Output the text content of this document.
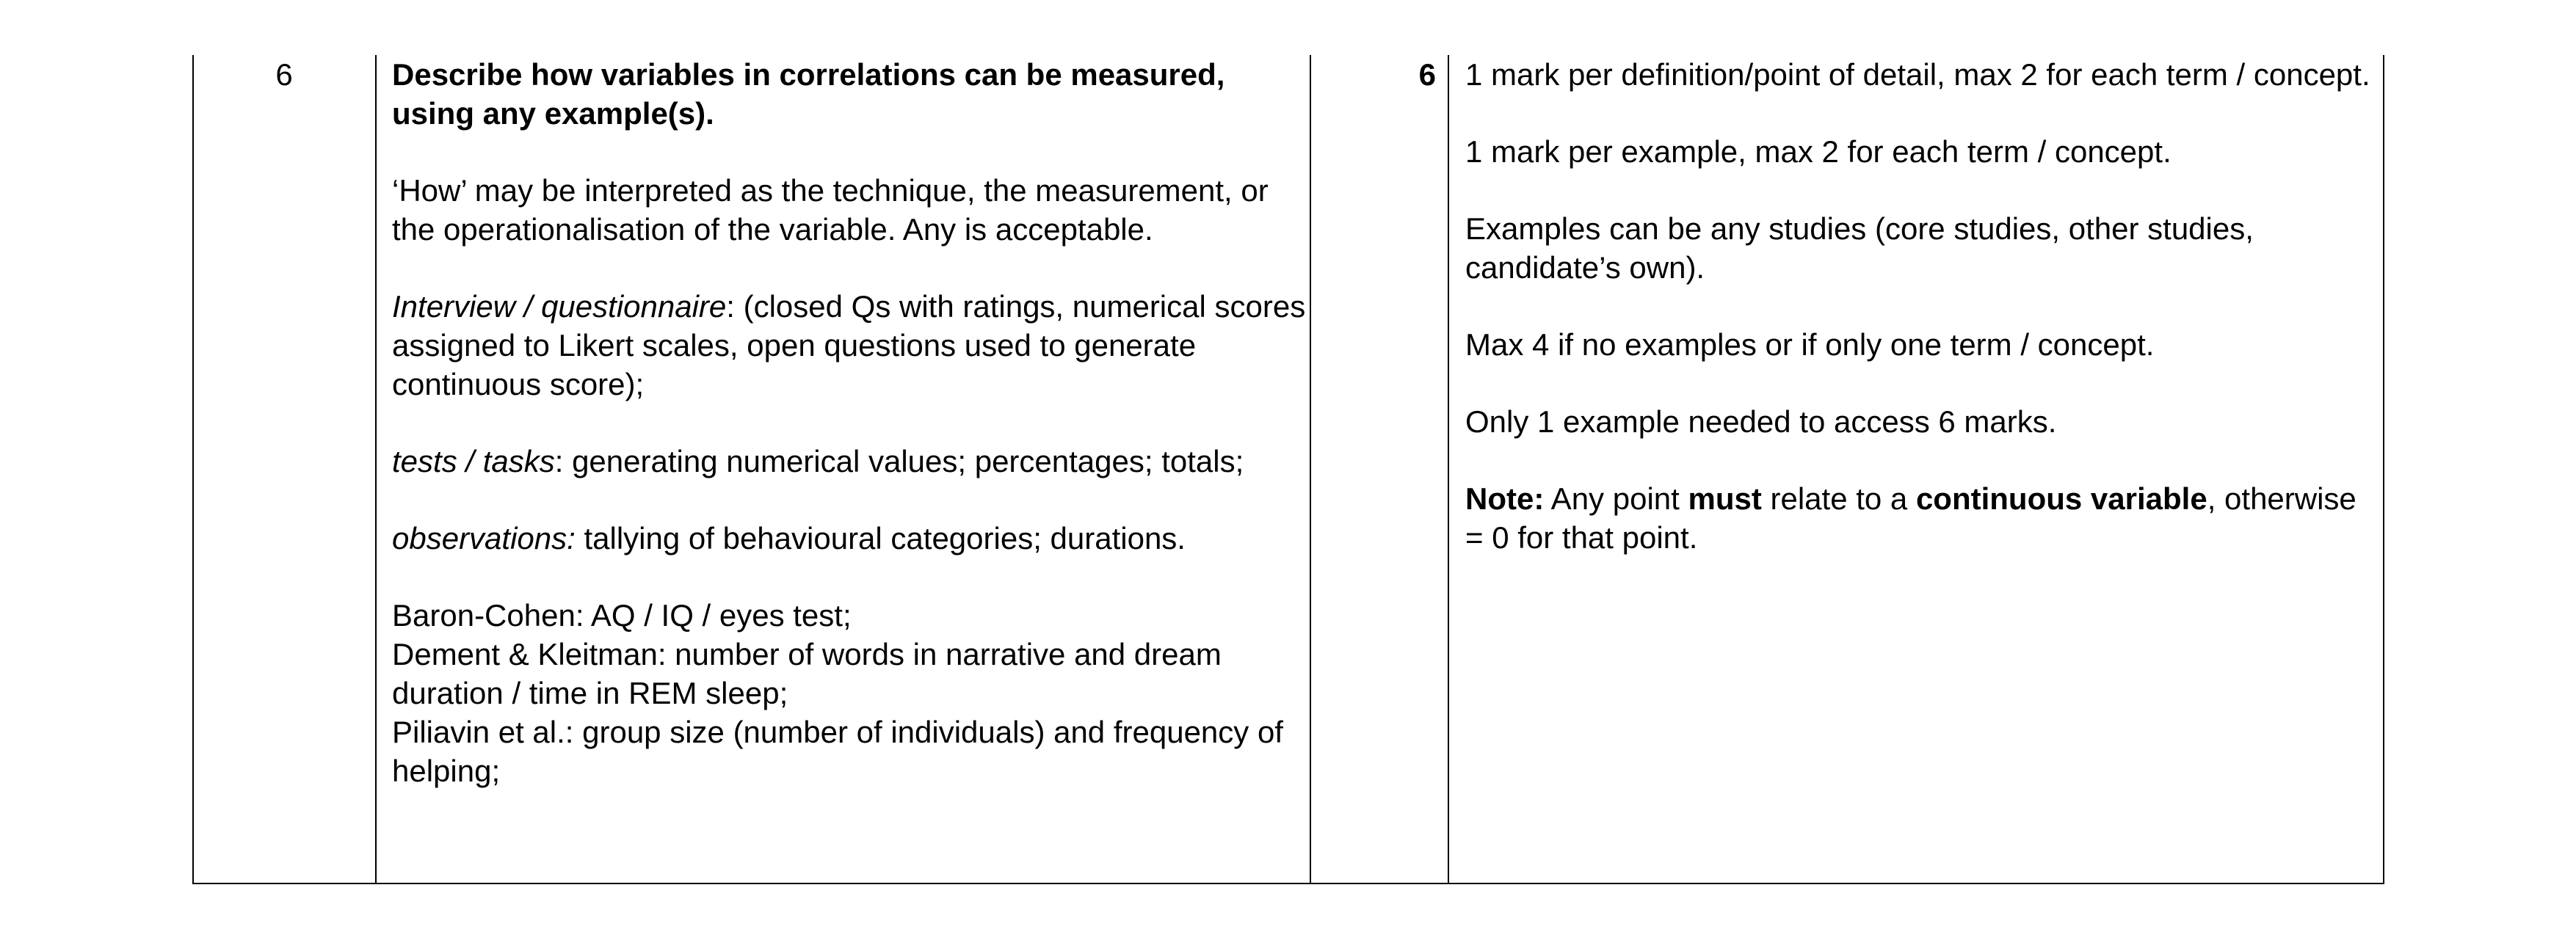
6	Describe how variables in correlations can be measured, using any example(s).

‘How’ may be interpreted as the technique, the measurement, or the operationalisation of the variable. Any is acceptable.

Interview / questionnaire: (closed Qs with ratings, numerical scores assigned to Likert scales, open questions used to generate continuous score);

tests / tasks: generating numerical values; percentages; totals;

observations: tallying of behavioural categories; durations.

Baron-Cohen: AQ / IQ / eyes test;

Dement & Kleitman: number of words in narrative and dream duration / time in REM sleep;

Piliavin et al.: group size (number of individuals) and frequency of helping;

6 1 mark per definition/point of detail, max 2 for each term / concept.

1 mark per example, max 2 for each term / concept.

Examples can be any studies (core studies, other studies, candidate’s own).

Max 4 if no examples or if only one term / concept.

Only 1 example needed to access 6 marks.

Note: Any point must relate to a continuous variable, otherwise = 0 for that point.
